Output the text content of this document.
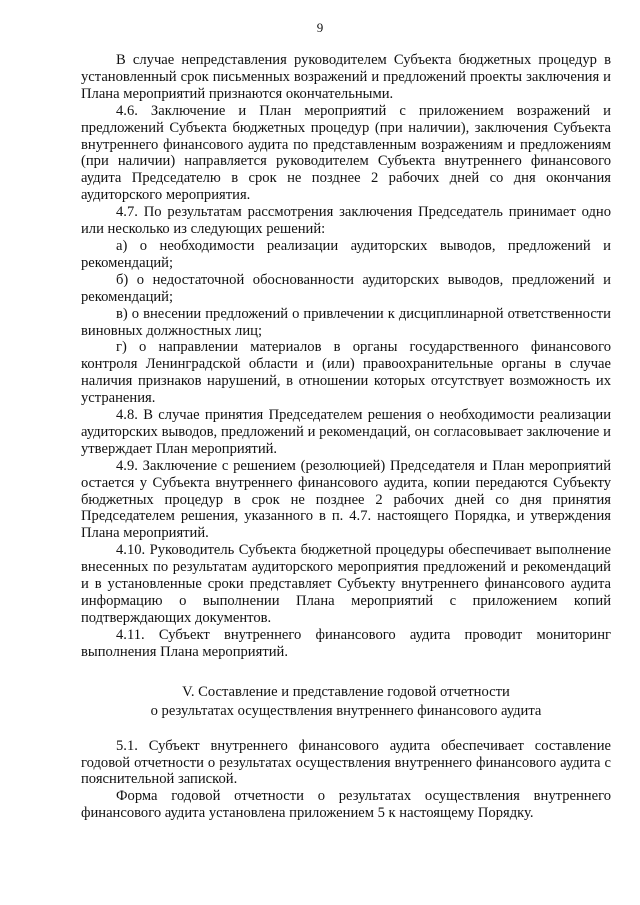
9

В случае непредставления руководителем Субъекта бюджетных процедур в установленный срок письменных возражений и предложений проекты заключения и Плана мероприятий признаются окончательными.

4.6. Заключение и План мероприятий с приложением возражений и предложений Субъекта бюджетных процедур (при наличии), заключения Субъекта внутреннего финансового аудита по представленным возражениям и предложениям (при наличии) направляется руководителем Субъекта внутреннего финансового аудита Председателю в срок не позднее 2 рабочих дней со дня окончания аудиторского мероприятия.

4.7. По результатам рассмотрения заключения Председатель принимает одно или несколько из следующих решений:

а) о необходимости реализации аудиторских выводов, предложений и рекомендаций;

б) о недостаточной обоснованности аудиторских выводов, предложений и рекомендаций;

в) о внесении предложений о привлечении к дисциплинарной ответственности виновных должностных лиц;

г) о направлении материалов в органы государственного финансового контроля Ленинградской области и (или) правоохранительные органы в случае наличия признаков нарушений, в отношении которых отсутствует возможность их устранения.

4.8. В случае принятия Председателем решения о необходимости реализации аудиторских выводов, предложений и рекомендаций, он согласовывает заключение и утверждает План мероприятий.

4.9. Заключение с решением (резолюцией) Председателя и План мероприятий остается у Субъекта внутреннего финансового аудита, копии передаются Субъекту бюджетных процедур в срок не позднее 2 рабочих дней со дня принятия Председателем решения, указанного в п. 4.7. настоящего Порядка, и утверждения Плана мероприятий.

4.10. Руководитель Субъекта бюджетной процедуры обеспечивает выполнение внесенных по результатам аудиторского мероприятия предложений и рекомендаций и в установленные сроки представляет Субъекту внутреннего финансового аудита информацию о выполнении Плана мероприятий с приложением копий подтверждающих документов.

4.11. Субъект внутреннего финансового аудита проводит мониторинг выполнения Плана мероприятий.

V. Составление и представление годовой отчетности
о результатах осуществления внутреннего финансового аудита

5.1. Субъект внутреннего финансового аудита обеспечивает составление годовой отчетности о результатах осуществления внутреннего финансового аудита с пояснительной запиской.

Форма годовой отчетности о результатах осуществления внутреннего финансового аудита установлена приложением 5 к настоящему Порядку.
